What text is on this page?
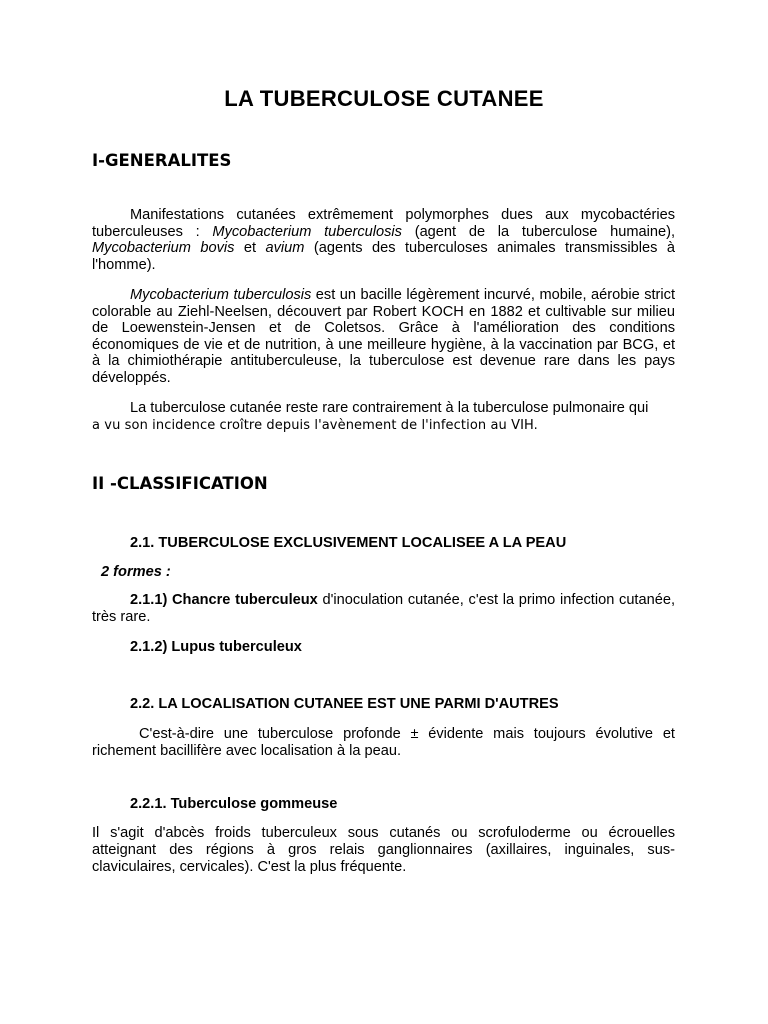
LA TUBERCULOSE CUTANEE
I-GENERALITES
Manifestations cutanées extrêmement polymorphes dues aux mycobactéries tuberculeuses : Mycobacterium tuberculosis (agent de la tuberculose humaine), Mycobacterium bovis et avium (agents des tuberculoses animales transmissibles à l'homme).
Mycobacterium tuberculosis est un bacille légèrement incurvé, mobile, aérobie strict colorable au Ziehl-Neelsen, découvert par Robert KOCH en 1882 et cultivable sur milieu de Loewenstein-Jensen et de Coletsos. Grâce à l'amélioration des conditions économiques de vie et de nutrition, à une meilleure hygiène, à la vaccination par BCG, et à la chimiothérapie antituberculeuse, la tuberculose est devenue rare dans les pays développés.
La tuberculose cutanée reste rare contrairement à la tuberculose pulmonaire qui
a vu son incidence croître depuis l'avènement de l'infection au VIH.
II -CLASSIFICATION
2.1. TUBERCULOSE EXCLUSIVEMENT LOCALISEE A LA PEAU
2 formes :
2.1.1) Chancre tuberculeux d'inoculation cutanée, c'est la primo infection cutanée, très rare.
2.1.2) Lupus tuberculeux
2.2. LA LOCALISATION CUTANEE EST UNE PARMI D'AUTRES
C'est-à-dire une tuberculose profonde ± évidente mais toujours évolutive et richement bacillifère avec localisation à la peau.
2.2.1. Tuberculose gommeuse
Il s'agit d'abcès froids tuberculeux sous cutanés ou scrofuloderme ou écrouelles atteignant des régions à gros relais ganglionnaires (axillaires, inguinales, sus-claviculaires, cervicales). C'est la plus fréquente.
